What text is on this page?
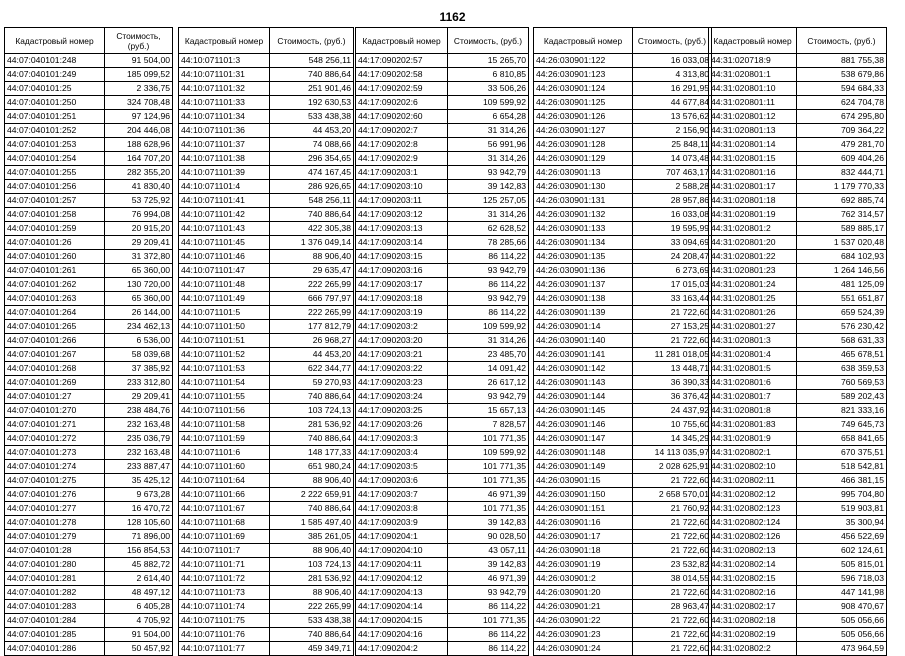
1162
Кадастровый номер	Стоимость, (руб.)
44:07:040101:248	91 504,00
44:07:040101:249	185 099,52
44:07:040101:25	2 336,75
44:07:040101:250	324 708,48
44:07:040101:251	97 124,96
44:07:040101:252	204 446,08
44:07:040101:253	188 628,96
44:07:040101:254	164 707,20
44:07:040101:255	282 355,20
44:07:040101:256	41 830,40
44:07:040101:257	53 725,92
44:07:040101:258	76 994,08
44:07:040101:259	20 915,20
44:07:040101:26	29 209,41
44:07:040101:260	31 372,80
44:07:040101:261	65 360,00
44:07:040101:262	130 720,00
44:07:040101:263	65 360,00
44:07:040101:264	26 144,00
44:07:040101:265	234 462,13
44:07:040101:266	6 536,00
44:07:040101:267	58 039,68
44:07:040101:268	37 385,92
44:07:040101:269	233 312,80
44:07:040101:27	29 209,41
44:07:040101:270	238 484,76
44:07:040101:271	232 163,48
44:07:040101:272	235 036,79
44:07:040101:273	232 163,48
44:07:040101:274	233 887,47
44:07:040101:275	35 425,12
44:07:040101:276	9 673,28
44:07:040101:277	16 470,72
44:07:040101:278	128 105,60
44:07:040101:279	71 896,00
44:07:040101:28	156 854,53
44:07:040101:280	45 882,72
44:07:040101:281	2 614,40
44:07:040101:282	48 497,12
44:07:040101:283	6 405,28
44:07:040101:284	4 705,92
44:07:040101:285	91 504,00
44:07:040101:286	50 457,92
Кадастровый номер	Стоимость, (руб.)
44:10:071101:3	548 256,11
44:10:071101:31	740 886,64
44:10:071101:32	251 901,46
44:10:071101:33	192 630,53
44:10:071101:34	533 438,38
44:10:071101:36	44 453,20
44:10:071101:37	74 088,66
44:10:071101:38	296 354,65
44:10:071101:39	474 167,45
44:10:071101:4	286 926,65
44:10:071101:41	548 256,11
44:10:071101:42	740 886,64
44:10:071101:43	422 305,38
44:10:071101:45	1 376 049,14
44:10:071101:46	88 906,40
44:10:071101:47	29 635,47
44:10:071101:48	222 265,99
44:10:071101:49	666 797,97
44:10:071101:5	222 265,99
44:10:071101:50	177 812,79
44:10:071101:51	26 968,27
44:10:071101:52	44 453,20
44:10:071101:53	622 344,77
44:10:071101:54	59 270,93
44:10:071101:55	740 886,64
44:10:071101:56	103 724,13
44:10:071101:58	281 536,92
44:10:071101:59	740 886,64
44:10:071101:6	148 177,33
44:10:071101:60	651 980,24
44:10:071101:64	88 906,40
44:10:071101:66	2 222 659,91
44:10:071101:67	740 886,64
44:10:071101:68	1 585 497,40
44:10:071101:69	385 261,05
44:10:071101:7	88 906,40
44:10:071101:71	103 724,13
44:10:071101:72	281 536,92
44:10:071101:73	88 906,40
44:10:071101:74	222 265,99
44:10:071101:75	533 438,38
44:10:071101:76	740 886,64
44:10:071101:77	459 349,71
Кадастровый номер	Стоимость, (руб.)
44:17:090202:57	15 265,70
44:17:090202:58	6 810,85
44:17:090202:59	33 506,26
44:17:090202:6	109 599,92
44:17:090202:60	6 654,28
44:17:090202:7	31 314,26
44:17:090202:8	56 991,96
44:17:090202:9	31 314,26
44:17:090203:1	93 942,79
44:17:090203:10	39 142,83
44:17:090203:11	125 257,05
44:17:090203:12	31 314,26
44:17:090203:13	62 628,52
44:17:090203:14	78 285,66
44:17:090203:15	86 114,22
44:17:090203:16	93 942,79
44:17:090203:17	86 114,22
44:17:090203:18	93 942,79
44:17:090203:19	86 114,22
44:17:090203:2	109 599,92
44:17:090203:20	31 314,26
44:17:090203:21	23 485,70
44:17:090203:22	14 091,42
44:17:090203:23	26 617,12
44:17:090203:24	93 942,79
44:17:090203:25	15 657,13
44:17:090203:26	7 828,57
44:17:090203:3	101 771,35
44:17:090203:4	109 599,92
44:17:090203:5	101 771,35
44:17:090203:6	101 771,35
44:17:090203:7	46 971,39
44:17:090203:8	101 771,35
44:17:090203:9	39 142,83
44:17:090204:1	90 028,50
44:17:090204:10	43 057,11
44:17:090204:11	39 142,83
44:17:090204:12	46 971,39
44:17:090204:13	93 942,79
44:17:090204:14	86 114,22
44:17:090204:15	101 771,35
44:17:090204:16	86 114,22
44:17:090204:2	86 114,22
Кадастровый номер	Стоимость, (руб.)
44:26:030901:122	16 033,08
44:26:030901:123	4 313,80
44:26:030901:124	16 291,95
44:26:030901:125	44 677,84
44:26:030901:126	13 576,62
44:26:030901:127	2 156,90
44:26:030901:128	25 848,11
44:26:030901:129	14 073,48
44:26:030901:13	707 463,17
44:26:030901:130	2 588,28
44:26:030901:131	28 957,86
44:26:030901:132	16 033,08
44:26:030901:133	19 595,99
44:26:030901:134	33 094,69
44:26:030901:135	24 208,47
44:26:030901:136	6 273,69
44:26:030901:137	17 015,03
44:26:030901:138	33 163,44
44:26:030901:139	21 722,60
44:26:030901:14	27 153,25
44:26:030901:140	21 722,60
44:26:030901:141	11 281 018,05
44:26:030901:142	13 448,71
44:26:030901:143	36 390,33
44:26:030901:144	36 376,42
44:26:030901:145	24 437,92
44:26:030901:146	10 755,60
44:26:030901:147	14 345,29
44:26:030901:148	14 113 035,97
44:26:030901:149	2 028 625,91
44:26:030901:15	21 722,60
44:26:030901:150	2 658 570,01
44:26:030901:151	21 760,92
44:26:030901:16	21 722,60
44:26:030901:17	21 722,60
44:26:030901:18	21 722,60
44:26:030901:19	23 532,82
44:26:030901:2	38 014,55
44:26:030901:20	21 722,60
44:26:030901:21	28 963,47
44:26:030901:22	21 722,60
44:26:030901:23	21 722,60
44:26:030901:24	21 722,60
Кадастровый номер	Стоимость, (руб.)
44:31:020718:9	881 755,38
44:31:020801:1	538 679,86
44:31:020801:10	594 684,33
44:31:020801:11	624 704,78
44:31:020801:12	674 295,80
44:31:020801:13	709 364,22
44:31:020801:14	479 281,70
44:31:020801:15	609 404,26
44:31:020801:16	832 444,71
44:31:020801:17	1 179 770,33
44:31:020801:18	692 885,74
44:31:020801:19	762 314,57
44:31:020801:2	589 885,17
44:31:020801:20	1 537 020,48
44:31:020801:22	684 102,93
44:31:020801:23	1 264 146,56
44:31:020801:24	481 125,09
44:31:020801:25	551 651,87
44:31:020801:26	659 524,39
44:31:020801:27	576 230,42
44:31:020801:3	568 631,33
44:31:020801:4	465 678,51
44:31:020801:5	638 359,53
44:31:020801:6	760 569,53
44:31:020801:7	589 202,43
44:31:020801:8	821 333,16
44:31:020801:83	749 645,73
44:31:020801:9	658 841,65
44:31:020802:1	670 375,51
44:31:020802:10	518 542,81
44:31:020802:11	466 381,15
44:31:020802:12	995 704,80
44:31:020802:123	519 903,81
44:31:020802:124	35 300,94
44:31:020802:126	456 522,69
44:31:020802:13	602 124,61
44:31:020802:14	505 815,01
44:31:020802:15	596 718,03
44:31:020802:16	447 141,98
44:31:020802:17	908 470,67
44:31:020802:18	505 056,66
44:31:020802:19	505 056,66
44:31:020802:2	473 964,59
